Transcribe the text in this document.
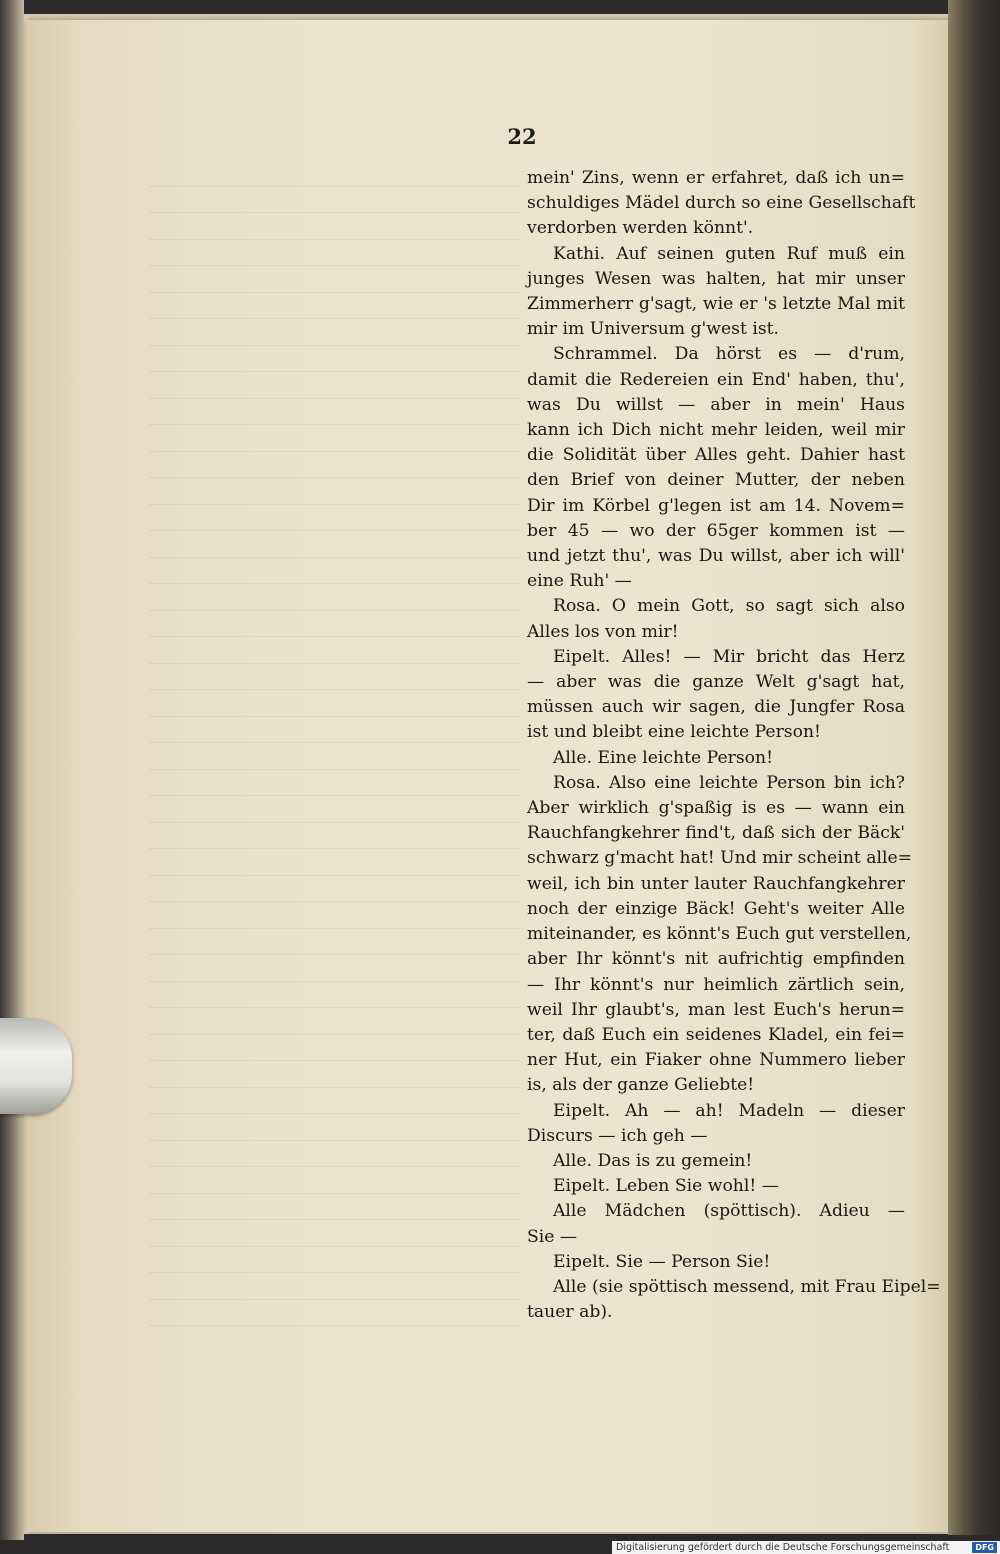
22
mein' Zins, wenn er erfahret, daß ich un=
schuldiges Mädel durch so eine Gesellschaft
verdorben werden könnt'.
Kathi. Auf seinen guten Ruf muß ein
junges Wesen was halten, hat mir unser
Zimmerherr g'sagt, wie er 's letzte Mal mit
mir im Universum g'west ist.
Schrammel. Da hörst es — d'rum,
damit die Redereien ein End' haben, thu',
was Du willst — aber in mein' Haus
kann ich Dich nicht mehr leiden, weil mir
die Solidität über Alles geht. Dahier hast
den Brief von deiner Mutter, der neben
Dir im Körbel g'legen ist am 14. Novem=
ber 45 — wo der 65ger kommen ist —
und jetzt thu', was Du willst, aber ich will'
eine Ruh' —
Rosa. O mein Gott, so sagt sich also
Alles los von mir!
Eipelt. Alles! — Mir bricht das Herz
— aber was die ganze Welt g'sagt hat,
müssen auch wir sagen, die Jungfer Rosa
ist und bleibt eine leichte Person!
Alle. Eine leichte Person!
Rosa. Also eine leichte Person bin ich?
Aber wirklich g'spaßig is es — wann ein
Rauchfangkehrer find't, daß sich der Bäck'
schwarz g'macht hat! Und mir scheint alle=
weil, ich bin unter lauter Rauchfangkehrer
noch der einzige Bäck! Geht's weiter Alle
miteinander, es könnt's Euch gut verstellen,
aber Ihr könnt's nit aufrichtig empfinden
— Ihr könnt's nur heimlich zärtlich sein,
weil Ihr glaubt's, man lest Euch's herun=
ter, daß Euch ein seidenes Kladel, ein fei=
ner Hut, ein Fiaker ohne Nummero lieber
is, als der ganze Geliebte!
Eipelt. Ah — ah! Madeln — dieser
Discurs — ich geh —
Alle. Das is zu gemein!
Eipelt. Leben Sie wohl! —
Alle Mädchen (spöttisch). Adieu —
Sie —
Eipelt. Sie — Person Sie!
Alle (sie spöttisch messend, mit Frau Eipel=
tauer ab).
Digitalisierung gefördert durch die Deutsche Forschungsgemeinschaft	DFG
